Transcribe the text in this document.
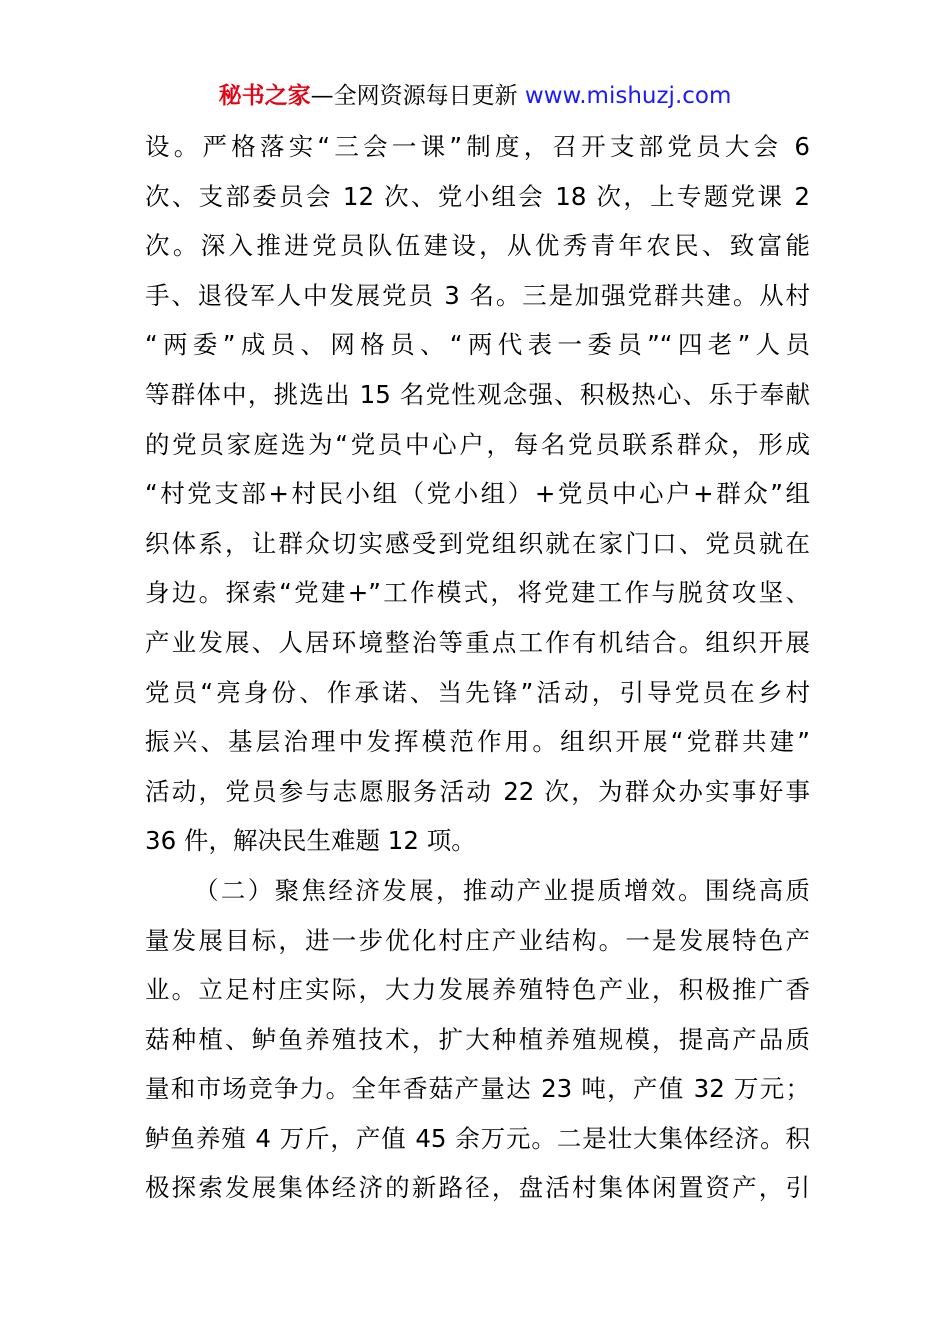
秘书之家—全网资源每日更新 www.mishuzj.com
设。严格落实“三会一课”制度，召开支部党员大会 6
次、支部委员会 12 次、党小组会 18 次，上专题党课 2
次。深入推进党员队伍建设，从优秀青年农民、致富能
手、退役军人中发展党员 3 名。三是加强党群共建。从村
“两委”成员、网格员、“两代表一委员”“四老”人员
等群体中，挑选出 15 名党性观念强、积极热心、乐于奉献
的党员家庭选为“党员中心户，每名党员联系群众，形成
“村党支部+村民小组（党小组）+党员中心户+群众”组
织体系，让群众切实感受到党组织就在家门口、党员就在
身边。探索“党建+”工作模式，将党建工作与脱贫攻坚、
产业发展、人居环境整治等重点工作有机结合。组织开展
党员“亮身份、作承诺、当先锋”活动，引导党员在乡村
振兴、基层治理中发挥模范作用。组织开展“党群共建”
活动，党员参与志愿服务活动 22 次，为群众办实事好事
36 件，解决民生难题 12 项。
（二）聚焦经济发展，推动产业提质增效。围绕高质
量发展目标，进一步优化村庄产业结构。一是发展特色产
业。立足村庄实际，大力发展养殖特色产业，积极推广香
菇种植、鲈鱼养殖技术，扩大种植养殖规模，提高产品质
量和市场竞争力。全年香菇产量达 23 吨，产值 32 万元；
鲈鱼养殖 4 万斤，产值 45 余万元。二是壮大集体经济。积
极探索发展集体经济的新路径，盘活村集体闲置资产，引
